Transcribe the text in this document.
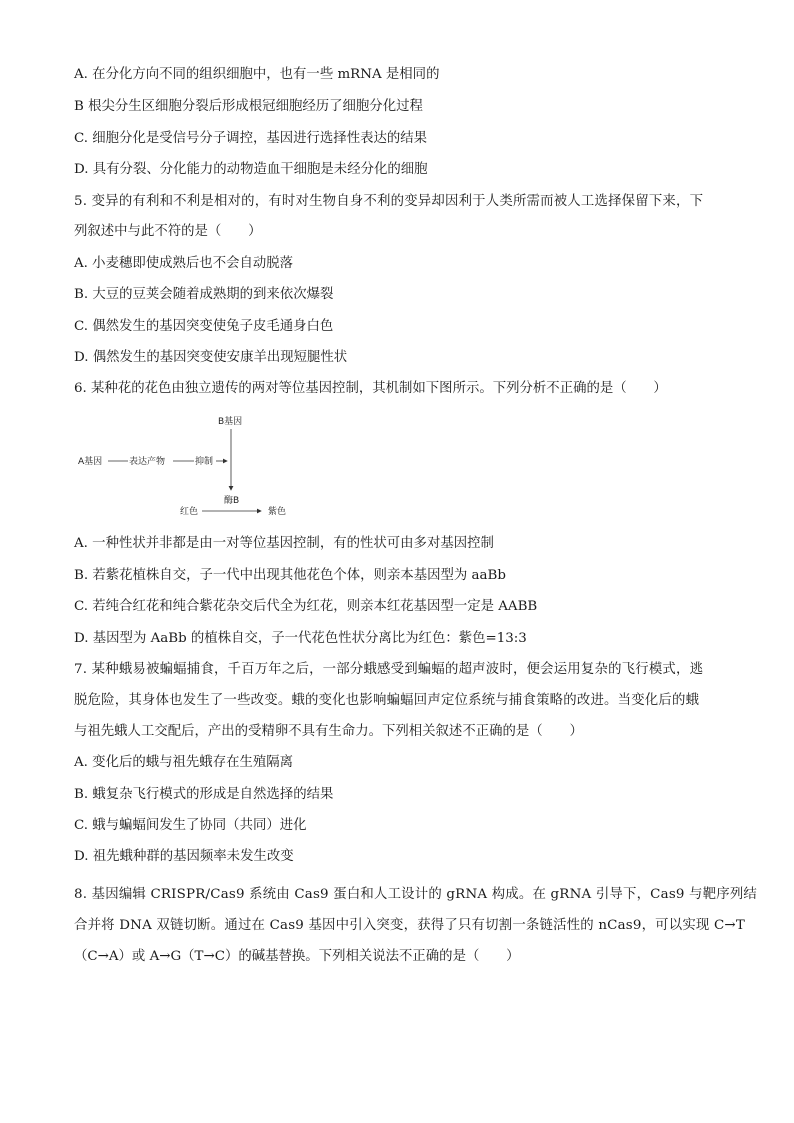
A. 在分化方向不同的组织细胞中，也有一些 mRNA 是相同的
B 根尖分生区细胞分裂后形成根冠细胞经历了细胞分化过程
C. 细胞分化是受信号分子调控，基因进行选择性表达的结果
D. 具有分裂、分化能力的动物造血干细胞是未经分化的细胞
5. 变异的有利和不利是相对的，有时对生物自身不利的变异却因利于人类所需而被人工选择保留下来，下
列叙述中与此不符的是（　　）
A. 小麦穗即使成熟后也不会自动脱落
B. 大豆的豆荚会随着成熟期的到来依次爆裂
C. 偶然发生的基因突变使兔子皮毛通身白色
D. 偶然发生的基因突变使安康羊出现短腿性状
6. 某种花的花色由独立遗传的两对等位基因控制，其机制如下图所示。下列分析不正确的是（　　）
B基因
A基因	表达产物	抑制
酶B
红色	紫色
A. 一种性状并非都是由一对等位基因控制，有的性状可由多对基因控制
B. 若紫花植株自交，子一代中出现其他花色个体，则亲本基因型为 aaBb
C. 若纯合红花和纯合紫花杂交后代全为红花，则亲本红花基因型一定是 AABB
D. 基因型为 AaBb 的植株自交，子一代花色性状分离比为红色：紫色=13:3
7. 某种蛾易被蝙蝠捕食，千百万年之后，一部分蛾感受到蝙蝠的超声波时，便会运用复杂的飞行模式，逃
脱危险，其身体也发生了一些改变。蛾的变化也影响蝙蝠回声定位系统与捕食策略的改进。当变化后的蛾
与祖先蛾人工交配后，产出的受精卵不具有生命力。下列相关叙述不正确的是（　　）
A. 变化后的蛾与祖先蛾存在生殖隔离
B. 蛾复杂飞行模式的形成是自然选择的结果
C. 蛾与蝙蝠间发生了协同（共同）进化
D. 祖先蛾种群的基因频率未发生改变
8. 基因编辑 CRISPR/Cas9 系统由 Cas9 蛋白和人工设计的 gRNA 构成。在 gRNA 引导下，Cas9 与靶序列结
合并将 DNA 双链切断。通过在 Cas9 基因中引入突变，获得了只有切割一条链活性的 nCas9，可以实现 C→T
（C→A）或 A→G（T→C）的碱基替换。下列相关说法不正确的是（　　）
